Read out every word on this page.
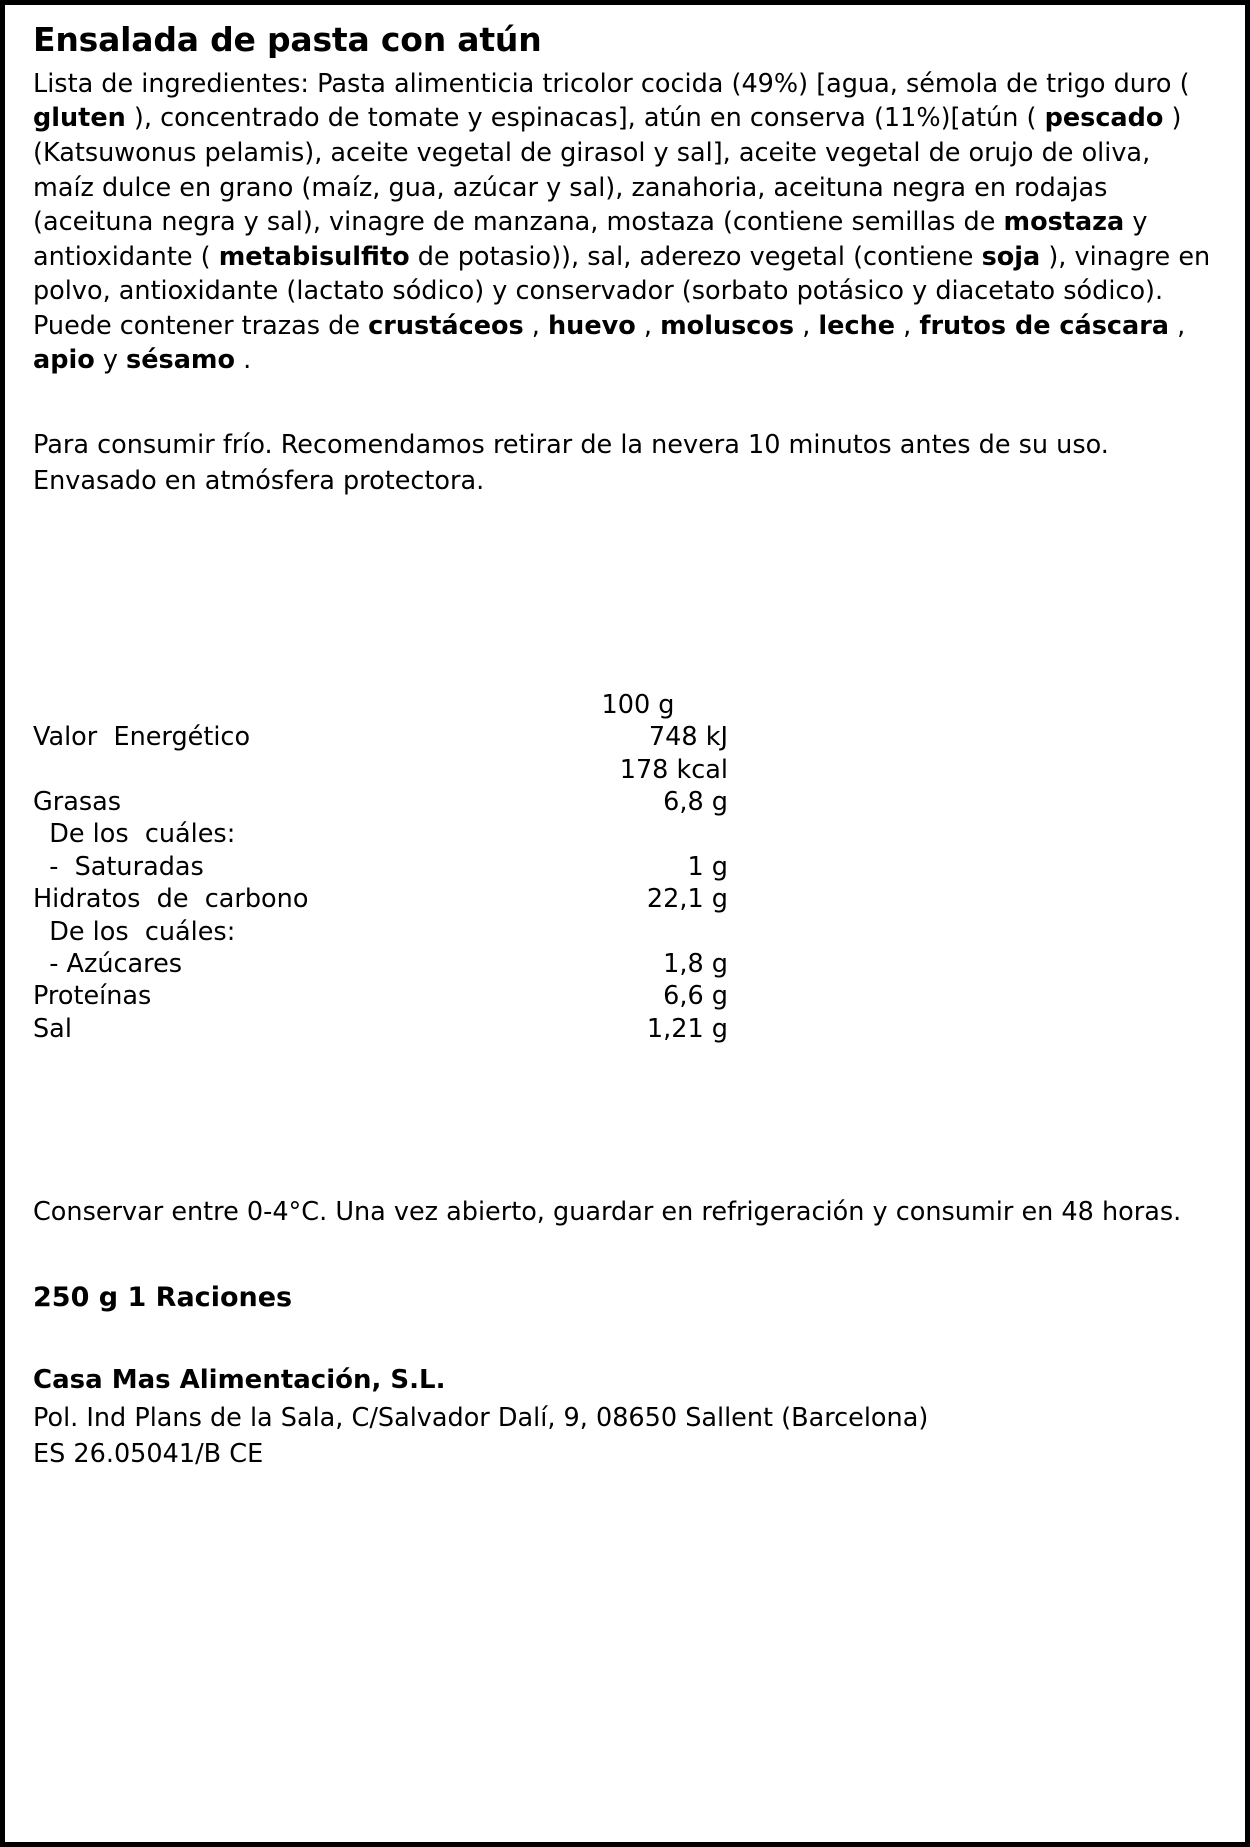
Ensalada de pasta con atún
Lista de ingredientes: Pasta alimenticia tricolor cocida (49%) [agua, sémola de trigo duro ( gluten ), concentrado de tomate y espinacas], atún en conserva (11%)[atún ( pescado ) (Katsuwonus pelamis), aceite vegetal de girasol y sal], aceite vegetal de orujo de oliva, maíz dulce en grano (maíz, gua, azúcar y sal), zanahoria, aceituna negra en rodajas (aceituna negra y sal), vinagre de manzana, mostaza (contiene semillas de mostaza y antioxidante ( metabisulfito de potasio)), sal, aderezo vegetal (contiene soja ), vinagre en polvo, antioxidante (lactato sódico) y conservador (sorbato potásico y diacetato sódico). Puede contener trazas de crustáceos , huevo , moluscos , leche , frutos de cáscara , apio y sésamo .
Para consumir frío. Recomendamos retirar de la nevera 10 minutos antes de su uso.
Envasado en atmósfera protectora.
100 g
Valor  Energético	748 kJ
178 kcal
Grasas	6,8 g
De los  cuáles:
-  Saturadas	1 g
Hidratos  de  carbono	22,1 g
De los  cuáles:
- Azúcares	1,8 g
Proteínas	6,6 g
Sal	1,21 g
Conservar entre 0-4°C. Una vez abierto, guardar en refrigeración y consumir en 48 horas.
250 g 1 Raciones
Casa Mas Alimentación, S.L.
Pol. Ind Plans de la Sala, C/Salvador Dalí, 9, 08650 Sallent (Barcelona)
ES 26.05041/B CE
